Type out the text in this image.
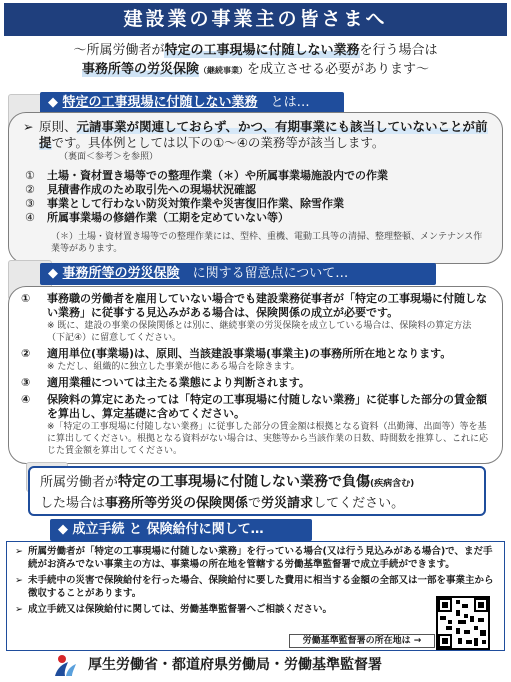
建設業の事業主の皆さまへ
～所属労働者が特定の工事現場に付随しない業務を行う場合は
事務所等の労災保険（継続事業）を成立させる必要があります～
◆ 特定の工事現場に付随しない業務　 とは…
➢ 原則、元請事業が関連しておらず、かつ、有期事業にも該当していないことが前提です。具体例としては以下の①～④の業務等が該当します。
（裏面＜参考＞を参照）
①	土場・資材置き場等での整理作業（＊）や所属事業場施設内での作業
②	見積書作成のため取引先への現場状況確認
③	事業として行わない防災対策作業や災害復旧作業、除雪作業
④	所属事業場の修繕作業（工期を定めていない等）
（＊）土場・資材置き場等での整理作業には、型枠、重機、電動工具等の清掃、整理整頓、メンテナンス作業等があります。
◆ 事務所等の労災保険　 に関する留意点について…
①	事務職の労働者を雇用していない場合でも建設業務従事者が「特定の工事現場に付随しない業務」に従事する見込みがある場合は、保険関係の成立が必要です。
※ 既に、建設の事業の保険関係とは別に、継続事業の労災保険を成立している場合は、保険料の算定方法（下記④）に留意してください。
②	適用単位(事業場)は、原則、当該建設事業場(事業主)の事務所所在地となります。
※ ただし、組織的に独立した事業が他にある場合を除きます。
③	適用業種については主たる業態により判断されます。
④	保険料の算定にあたっては「特定の工事現場に付随しない業務」に従事した部分の賃金額を算出し、算定基礎に含めてください。
※「特定の工事現場に付随しない業務」に従事した部分の賃金額は根拠となる資料（出勤簿、出面等）等を基に算出してください。根拠となる資料がない場合は、実態等から当該作業の日数、時間数を推算し、これに応じた賃金額を算出してください。
所属労働者が特定の工事現場に付随しない業務で負傷(疾病含む)
した場合は事務所等労災の保険関係で労災請求してください。
◆ 成立手続 と 保険給付に関して…
➢ 所属労働者が「特定の工事現場に付随しない業務」を行っている場合(又は行う見込みがある場合)で、まだ手続がお済みでない事業主の方は、事業場の所在地を管轄する労働基準監督署で成立手続ができます。
➢ 未手続中の災害で保険給付を行った場合、保険給付に要した費用に相当する金額の全部又は一部を事業主から徴収することがあります。
➢ 成立手続又は保険給付に関しては、労働基準監督署へご相談ください。
労働基準監督署の所在地は →
厚生労働省・都道府県労働局・労働基準監督署
